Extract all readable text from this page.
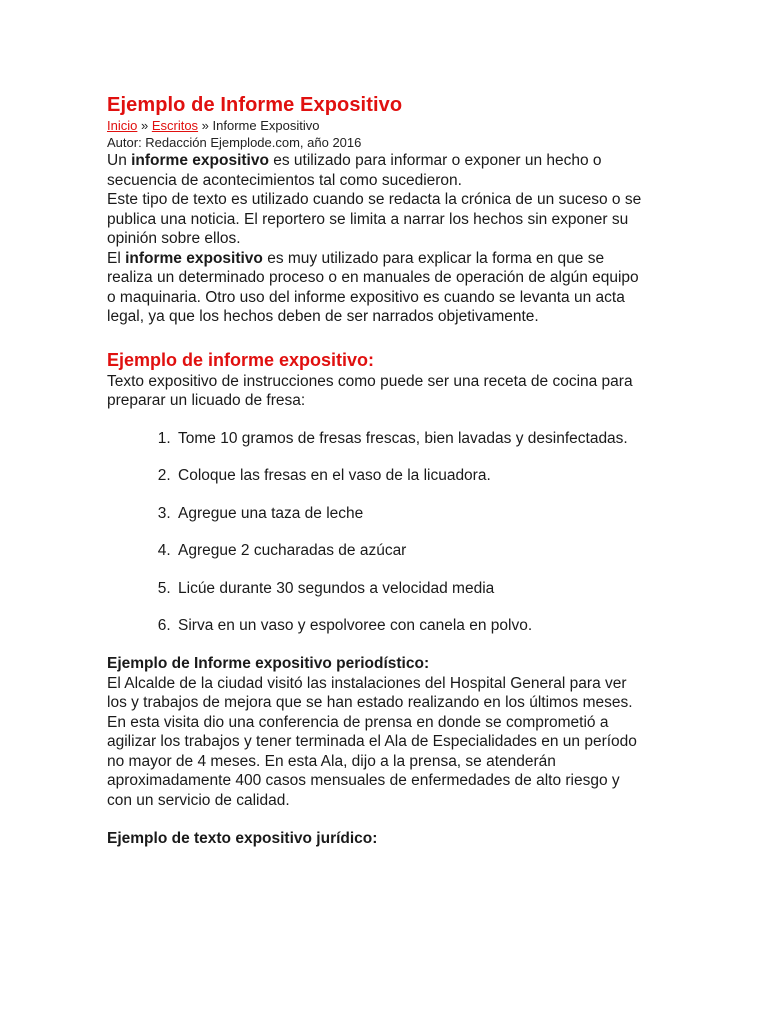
Ejemplo de Informe Expositivo
Inicio » Escritos » Informe Expositivo
Autor: Redacción Ejemplode.com, año 2016

Un informe expositivo es utilizado para informar o exponer un hecho o secuencia de acontecimientos tal como sucedieron.

Este tipo de texto es utilizado cuando se redacta la crónica de un suceso o se publica una noticia. El reportero se limita a narrar los hechos sin exponer su opinión sobre ellos.

El informe expositivo es muy utilizado para explicar la forma en que se realiza un determinado proceso o en manuales de operación de algún equipo o maquinaria. Otro uso del informe expositivo es cuando se levanta un acta legal, ya que los hechos deben de ser narrados objetivamente.

Ejemplo de informe expositivo:

Texto expositivo de instrucciones como puede ser una receta de cocina para preparar un licuado de fresa:

1. Tome 10 gramos de fresas frescas, bien lavadas y desinfectadas.
2. Coloque las fresas en el vaso de la licuadora.
3. Agregue una taza de leche
4. Agregue 2 cucharadas de azúcar
5. Licúe durante 30 segundos a velocidad media
6. Sirva en un vaso y espolvoree con canela en polvo.
Ejemplo de Informe expositivo periodístico:

El Alcalde de la ciudad visitó las instalaciones del Hospital General para ver los y trabajos de mejora que se han estado realizando en los últimos meses. En esta visita dio una conferencia de prensa en donde se comprometió a agilizar los trabajos y tener terminada el Ala de Especialidades en un período no mayor de 4 meses. En esta Ala, dijo a la prensa, se atenderán aproximadamente 400 casos mensuales de enfermedades de alto riesgo y con un servicio de calidad.

Ejemplo de texto expositivo jurídico:
